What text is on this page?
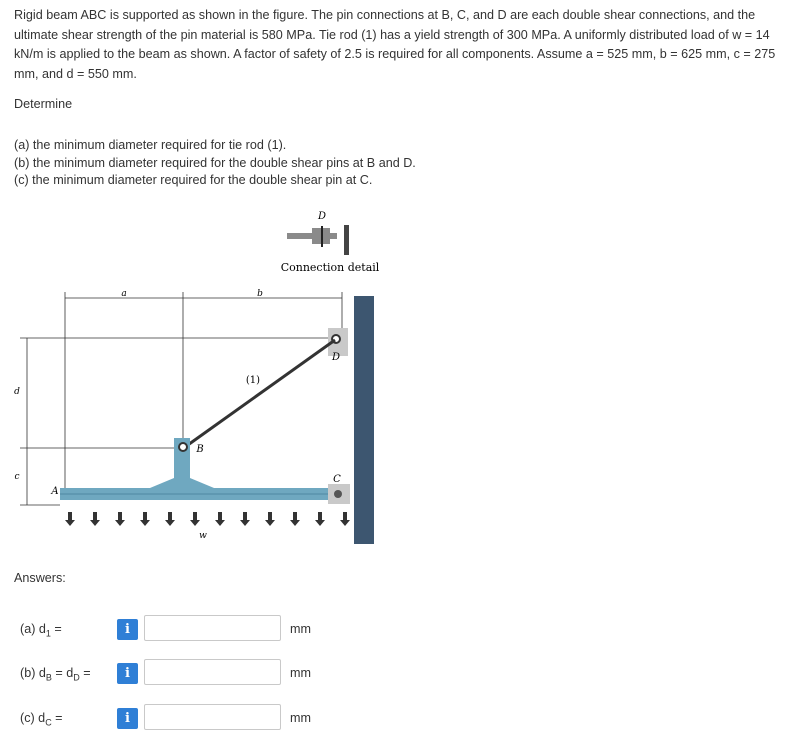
Rigid beam ABC is supported as shown in the figure. The pin connections at B, C, and D are each double shear connections, and the ultimate shear strength of the pin material is 580 MPa. Tie rod (1) has a yield strength of 300 MPa. A uniformly distributed load of w = 14 kN/m is applied to the beam as shown. A factor of safety of 2.5 is required for all components. Assume a = 525 mm, b = 625 mm, c = 275 mm, and d = 550 mm.

Determine
(a) the minimum diameter required for tie rod (1).
(b) the minimum diameter required for the double shear pins at B and D.
(c) the minimum diameter required for the double shear pin at C.
D
Connection detail
a	b
d
c
D
(1)
B
A
C
w
Answers:
(a) $d_1$ =	i	mm
(b) $d_B = d_D$ =	i	mm
(c) $d_C$ =	i	mm
